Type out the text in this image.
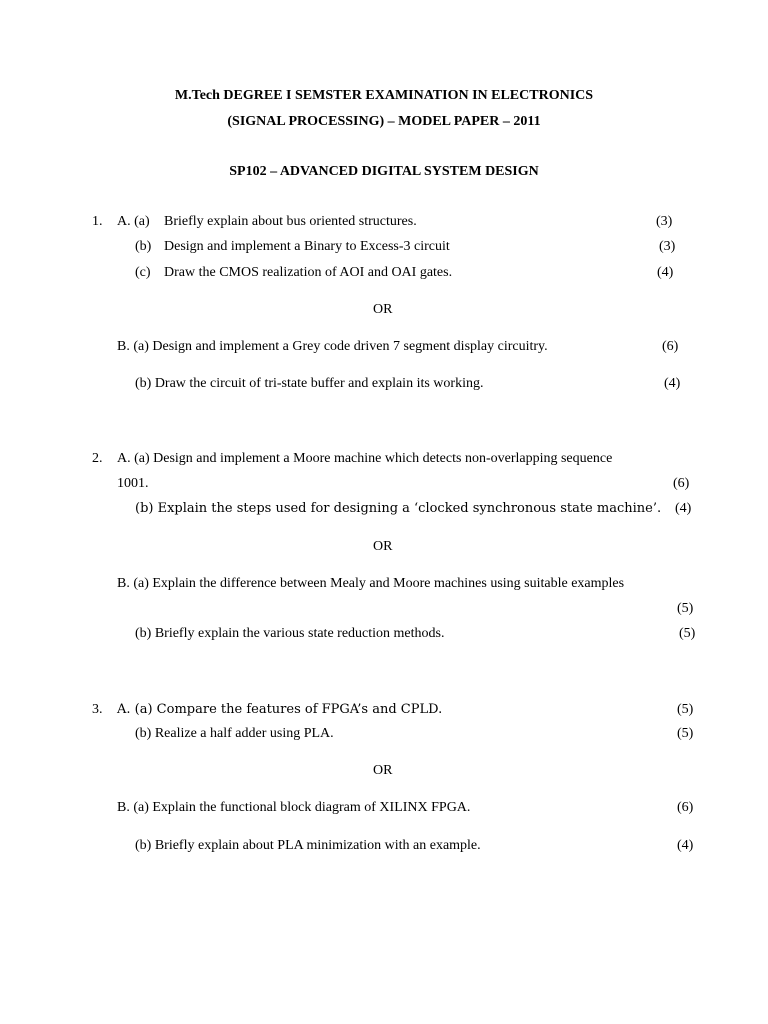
M.Tech DEGREE I SEMSTER EXAMINATION IN ELECTRONICS
(SIGNAL PROCESSING) – MODEL PAPER – 2011
SP102 – ADVANCED DIGITAL SYSTEM DESIGN
1. A. (a) Briefly explain about bus oriented structures.	(3)
(b) Design and implement a Binary to Excess-3 circuit	(3)
(c) Draw the CMOS realization of AOI and OAI gates.	(4)
OR
B. (a) Design and implement a Grey code driven 7 segment display circuitry.	(6)
(b) Draw the circuit of tri-state buffer and explain its working.	(4)
2. A. (a) Design and implement a Moore machine which detects non-overlapping sequence
1001.	(6)
(b) Explain the steps used for designing a ‘clocked synchronous state machine’. (4)
OR
B. (a) Explain the difference between Mealy and Moore machines using suitable examples
(5)
(b) Briefly explain the various state reduction methods.	(5)
3. A. (a) Compare the features of FPGA’s and CPLD.	(5)
(b) Realize a half adder using PLA.	(5)
OR
B. (a) Explain the functional block diagram of XILINX FPGA.	(6)
(b) Briefly explain about PLA minimization with an example.	(4)
